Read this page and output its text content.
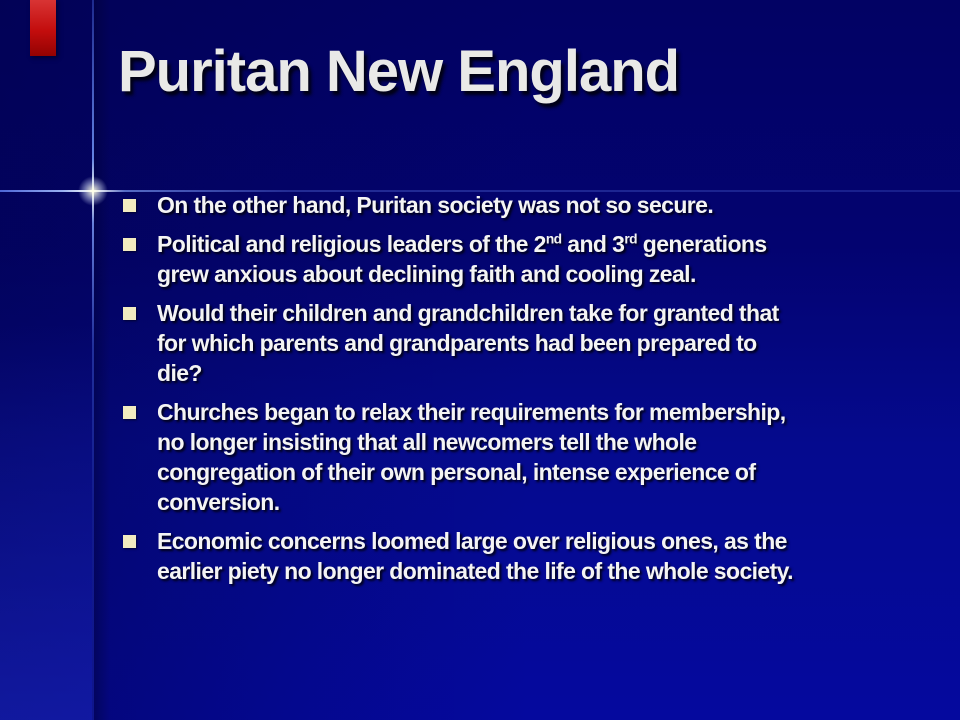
Puritan New England
On the other hand, Puritan society was not so secure.
Political and religious leaders of the 2nd and 3rd generations
grew anxious about declining faith and cooling zeal.
Would their children and grandchildren take for granted that
for which parents and grandparents had been prepared to
die?
Churches began to relax their requirements for membership,
no longer insisting that all newcomers tell the whole
congregation of their own personal, intense experience of
conversion.
Economic concerns loomed large over religious ones, as the
earlier piety no longer dominated the life of the whole society.
